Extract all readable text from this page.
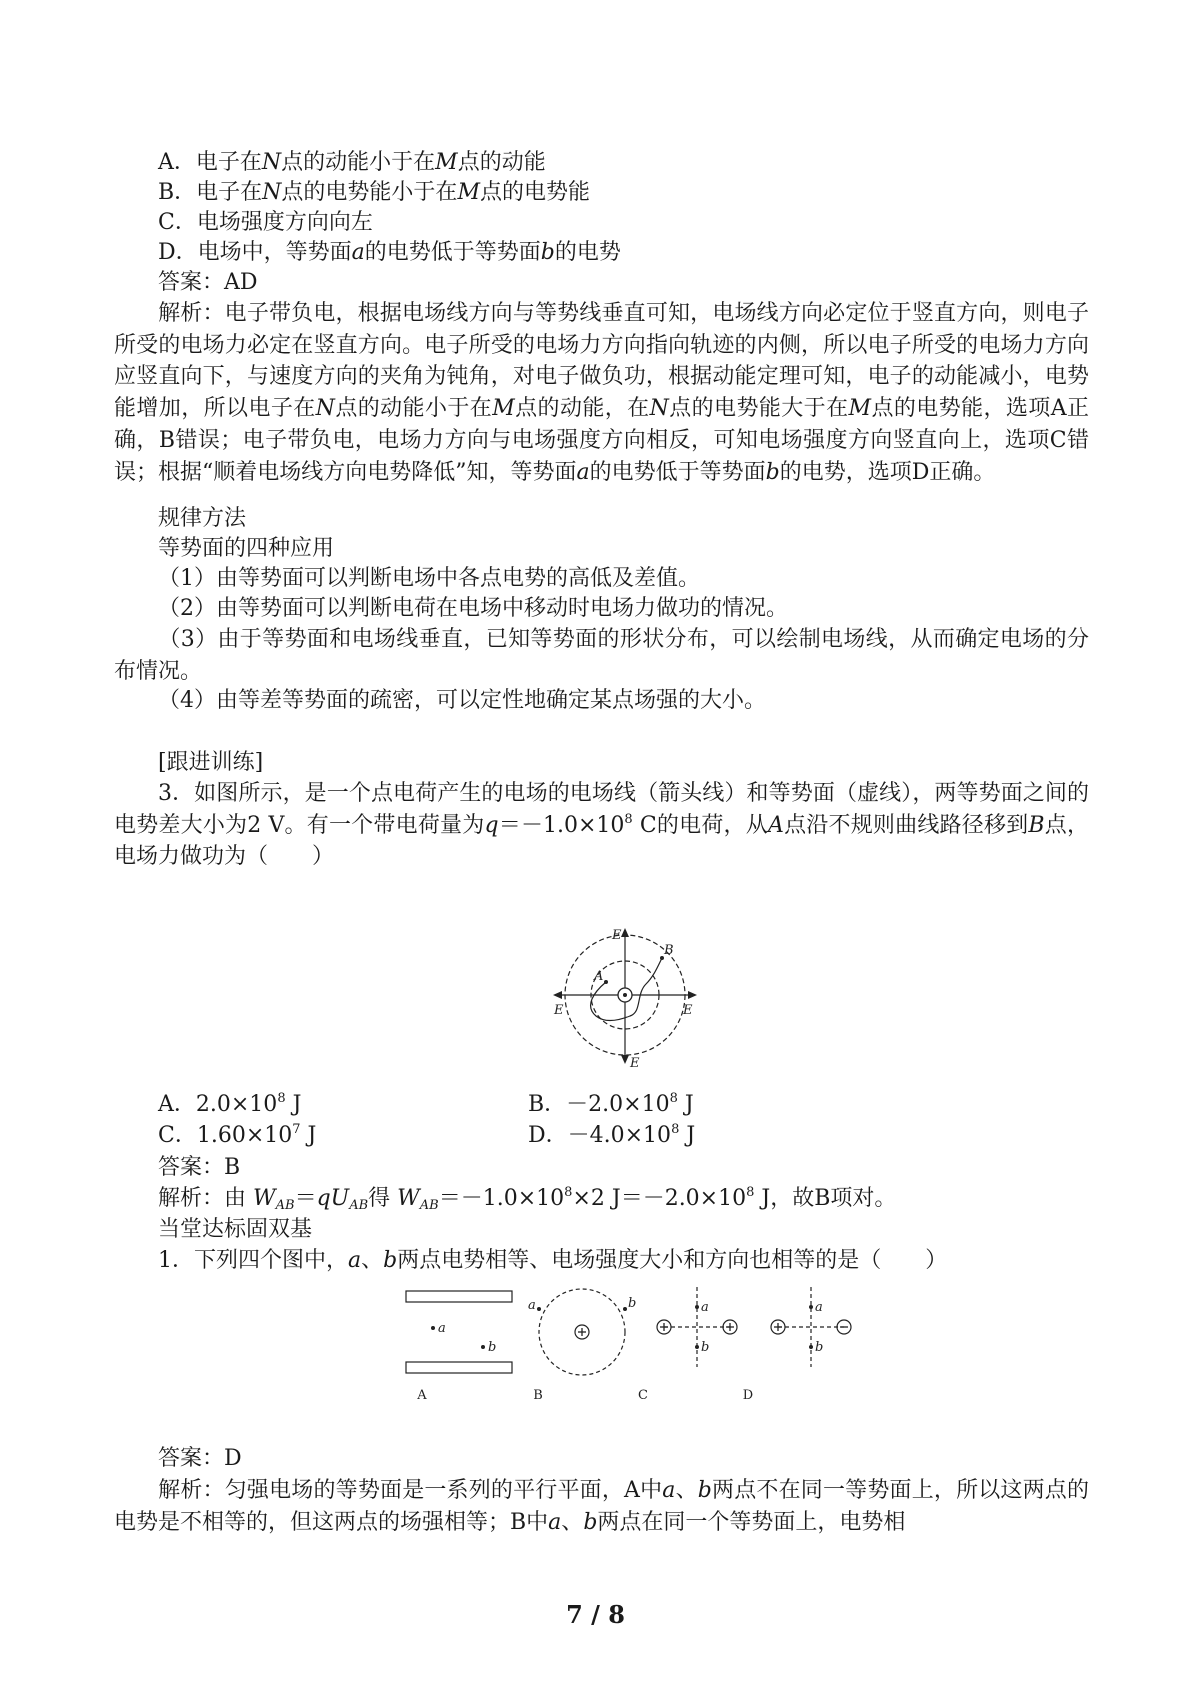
A．电子在N点的动能小于在M点的动能
B．电子在N点的电势能小于在M点的电势能
C．电场强度方向向左
D．电场中，等势面a的电势低于等势面b的电势
答案：AD
解析：电子带负电，根据电场线方向与等势线垂直可知，电场线方向必定位于竖直方向，则电子所受的电场力必定在竖直方向。电子所受的电场力方向指向轨迹的内侧，所以电子所受的电场力方向应竖直向下，与速度方向的夹角为钝角，对电子做负功，根据动能定理可知，电子的动能减小，电势能增加，所以电子在N点的动能小于在M点的动能，在N点的电势能大于在M点的电势能，选项A正确，B错误；电子带负电，电场力方向与电场强度方向相反，可知电场强度方向竖直向上，选项C错误；根据“顺着电场线方向电势降低”知，等势面a的电势低于等势面b的电势，选项D正确。
规律方法
等势面的四种应用
（1）由等势面可以判断电场中各点电势的高低及差值。
（2）由等势面可以判断电荷在电场中移动时电场力做功的情况。
（3）由于等势面和电场线垂直，已知等势面的形状分布，可以绘制电场线，从而确定电场的分布情况。
（4）由等差等势面的疏密，可以定性地确定某点场强的大小。
[跟进训练]
3．如图所示，是一个点电荷产生的电场的电场线（箭头线）和等势面（虚线），两等势面之间的电势差大小为2 V。有一个带电荷量为$q=-1.0\times 10^8$ C的电荷，从A点沿不规则曲线路径移到B点，电场力做功为（　　）
E
E
E	E
A
B
A．$2.0\times 10^8$ J	B．$-2.0\times 10^8$ J
C．$1.60\times 10^7$ J	D．$-4.0\times 10^8$ J
答案：B
解析：由 $W_{AB}=qU_{AB}$得 $W_{AB}=-1.0\times 10^8\times 2$ $J=-2.0\times 10^8$ J，故B项对。
当堂达标固双基
1．下列四个图中，a、b两点电势相等、电场强度大小和方向也相等的是（　　）
a
b
a	b	a
b
a
b
A	B	C	D
答案：D
解析：匀强电场的等势面是一系列的平行平面，A中a、b两点不在同一等势面上，所以这两点的电势是不相等的，但这两点的场强相等；B中a、b两点在同一个等势面上，电势相
7 / 8
